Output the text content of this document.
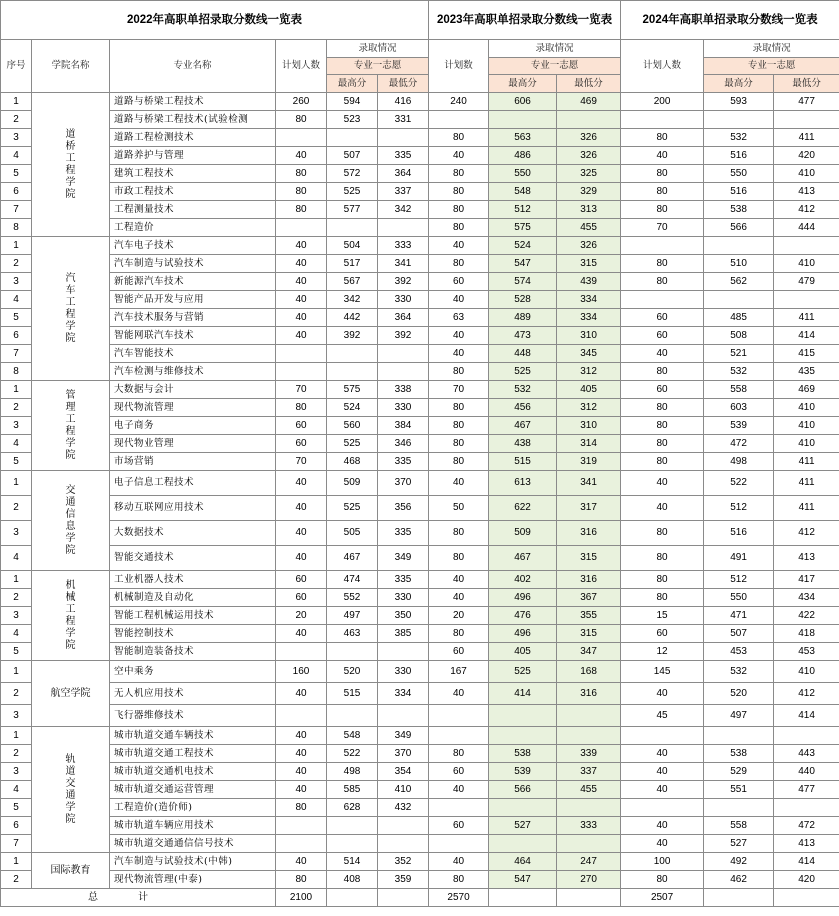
2022年高职单招录取分数线一览表						2023年高职单招录取分数线一览表			2024年高职单招录取分数线一览表		
序号	学院名称	专业名称	计划人数	录取情况		计划数	录取情况		计划人数	录取情况	
				专业一志愿			专业一志愿			专业一志愿	
				最高分	最低分		最高分	最低分		最高分	最低分
1	道桥工程学院	道路与桥梁工程技术	260	594	416	240	606	469	200	593	477
2		道路与桥梁工程技术(试验检测	80	523	331						
3		道路工程检测技术				80	563	326	80	532	411
4		道路养护与管理	40	507	335	40	486	326	40	516	420
5		建筑工程技术	80	572	364	80	550	325	80	550	410
6		市政工程技术	80	525	337	80	548	329	80	516	413
7		工程测量技术	80	577	342	80	512	313	80	538	412
8		工程造价				80	575	455	70	566	444
1	汽车工程学院	汽车电子技术	40	504	333	40	524	326			
2		汽车制造与试验技术	40	517	341	80	547	315	80	510	410
3		新能源汽车技术	40	567	392	60	574	439	80	562	479
4		智能产品开发与应用	40	342	330	40	528	334			
5		汽车技术服务与营销	40	442	364	63	489	334	60	485	411
6		智能网联汽车技术	40	392	392	40	473	310	60	508	414
7		汽车智能技术				40	448	345	40	521	415
8		汽车检测与维修技术				80	525	312	80	532	435
1	管理工程学院	大数据与会计	70	575	338	70	532	405	60	558	469
2		现代物流管理	80	524	330	80	456	312	80	603	410
3		电子商务	60	560	384	80	467	310	80	539	410
4		现代物业管理	60	525	346	80	438	314	80	472	410
5		市场营销	70	468	335	80	515	319	80	498	411
1	交通信息学院	电子信息工程技术	40	509	370	40	613	341	40	522	411
2		移动互联网应用技术	40	525	356	50	622	317	40	512	411
3		大数据技术	40	505	335	80	509	316	80	516	412
4		智能交通技术	40	467	349	80	467	315	80	491	413
1	机械工程学院	工业机器人技术	60	474	335	40	402	316	80	512	417
2		机械制造及自动化	60	552	330	40	496	367	80	550	434
3		智能工程机械运用技术	20	497	350	20	476	355	15	471	422
4		智能控制技术	40	463	385	80	496	315	60	507	418
5		智能制造装备技术				60	405	347	12	453	453
1	航空学院	空中乘务	160	520	330	167	525	168	145	532	410
2		无人机应用技术	40	515	334	40	414	316	40	520	412
3		飞行器维修技术							45	497	414
1	轨道交通学院	城市轨道交通车辆技术	40	548	349						
2		城市轨道交通工程技术	40	522	370	80	538	339	40	538	443
3		城市轨道交通机电技术	40	498	354	60	539	337	40	529	440
4		城市轨道交通运营管理	40	585	410	40	566	455	40	551	477
5		工程造价(造价师)	80	628	432						
6		城市轨道车辆应用技术				60	527	333	40	558	472
7		城市轨道交通通信信号技术							40	527	413
1	国际教育	汽车制造与试验技术(中韩)	40	514	352	40	464	247	100	492	414
2		现代物流管理(中泰)	80	408	359	80	547	270	80	462	420
总计			2100			2570			2507		
